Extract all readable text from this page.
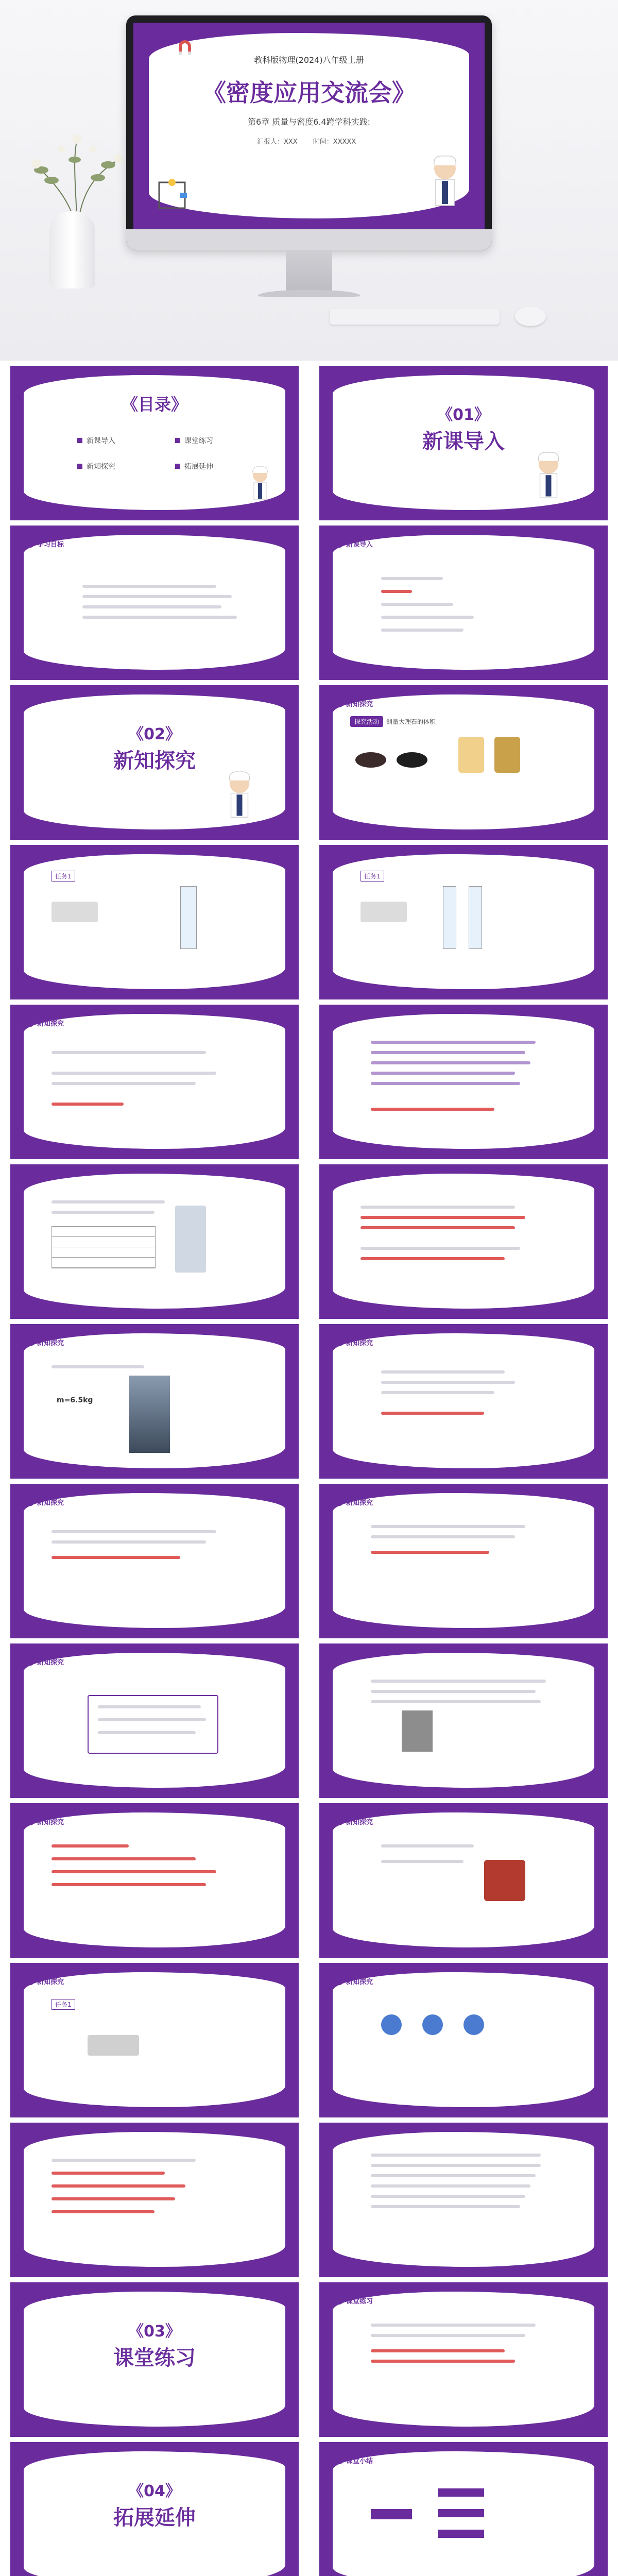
教科版物理(2024)八年级上册
《密度应用交流会》
第6章 质量与密度6.4跨学科实践:
汇报人：XXX 时间：XXXXX
《目录》
新课导入
新知探究
课堂练习
拓展延伸
《01》
新课导入
学习目标	新课导入
《02》
新知探究
新知探究
探究活动	测量大理石的体积
任务1	任务1
新知探究
新知探究
m=6.5kg
新知探究
新知探究	新知探究
新知探究
新知探究	新知探究
新知探究
任务1
新知探究
《03》
课堂练习
课堂练习
《04》
拓展延伸
课堂小结
